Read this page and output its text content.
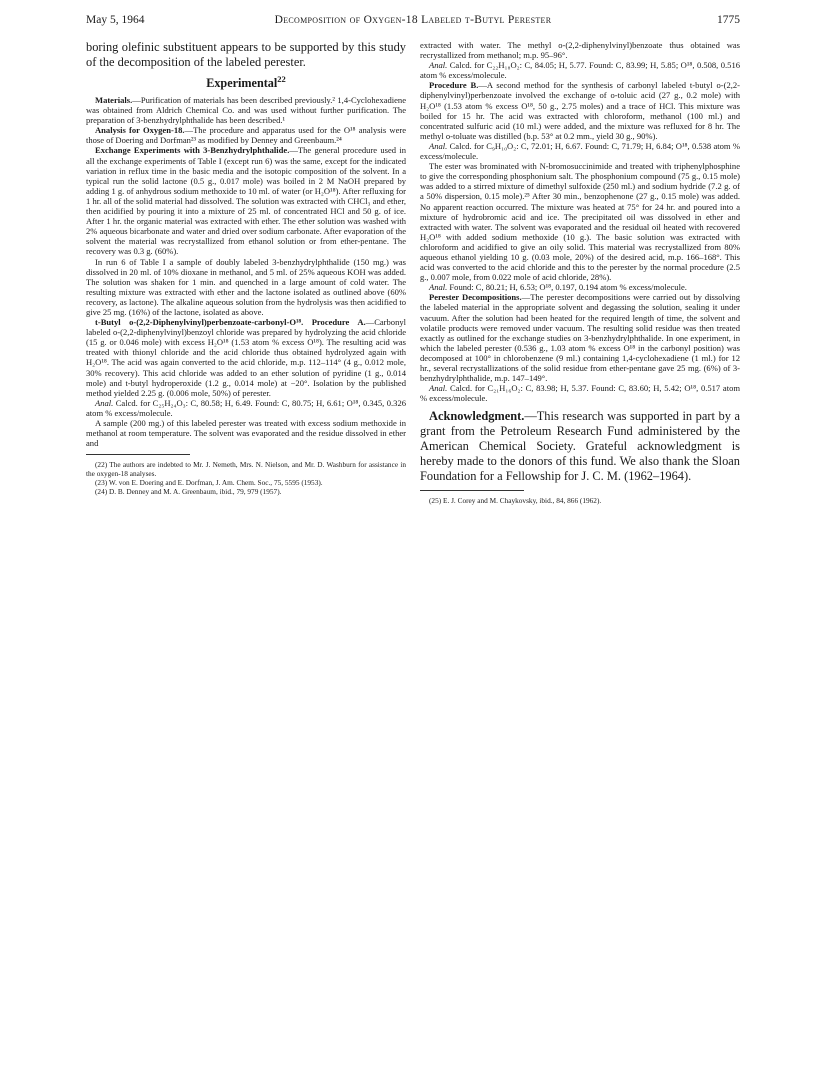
May 5, 1964	Decomposition of Oxygen-18 Labeled t-Butyl Perester	1775

boring olefinic substituent appears to be supported by this study of the decomposition of the labeled perester.

Experimental$^{22}$

Materials.—Purification of materials has been described previously.² 1,4-Cyclohexadiene was obtained from Aldrich Chemical Co. and was used without further purification. The preparation of 3-benzhydrylphthalide has been described.¹

Analysis for Oxygen-18.—The procedure and apparatus used for the O¹⁸ analysis were those of Doering and Dorfman²³ as modified by Denney and Greenbaum.²⁴

Exchange Experiments with 3-Benzhydrylphthalide.—The general procedure used in all the exchange experiments of Table I (except run 6) was the same, except for the indicated variation in reflux time in the basic media and the isotopic composition of the solvent. In a typical run the solid lactone (0.5 g., 0.017 mole) was boiled in 2 M NaOH prepared by adding 1 g. of anhydrous sodium methoxide to 10 ml. of water (or H₂O¹⁸). After refluxing for 1 hr. all of the solid material had dissolved. The solution was extracted with CHCl₃ and ether, then acidified by pouring it into a mixture of 25 ml. of concentrated HCl and 50 g. of ice. After 1 hr. the organic material was extracted with ether. The ether solution was washed with 2% aqueous bicarbonate and water and dried over sodium carbonate. After evaporation of the solvent the material was recrystallized from ethanol solution or from ether-pentane. The recovery was 0.3 g. (60%).

In run 6 of Table I a sample of doubly labeled 3-benzhydrylphthalide (150 mg.) was dissolved in 20 ml. of 10% dioxane in methanol, and 5 ml. of 25% aqueous KOH was added. The solution was shaken for 1 min. and quenched in a large amount of cold water. The resulting mixture was extracted with ether and the lactone isolated as outlined above (60% recovery, as lactone). The alkaline aqueous solution from the hydrolysis was then acidified to give 25 mg. (16%) of the lactone, isolated as above.

t-Butyl o-(2,2-Diphenylvinyl)perbenzoate-carbonyl-O¹⁸. Procedure A.—Carbonyl labeled o-(2,2-diphenylvinyl)benzoyl chloride was prepared by hydrolyzing the acid chloride (15 g. or 0.046 mole) with excess H₂O¹⁸ (1.53 atom % excess O¹⁸). The resulting acid was treated with thionyl chloride and the acid chloride thus obtained hydrolyzed again with H₂O¹⁸. The acid was again converted to the acid chloride, m.p. 112–114° (4 g., 0.012 mole, 30% recovery). This acid chloride was added to an ether solution of pyridine (1 g., 0.014 mole) and t-butyl hydroperoxide (1.2 g., 0.014 mole) at −20°. Isolation by the published method yielded 2.25 g. (0.006 mole, 50%) of perester.

Anal. Calcd. for C₂₅H₂₄O₃: C, 80.58; H, 6.49. Found: C, 80.75; H, 6.61; O¹⁸, 0.345, 0.326 atom % excess/molecule.

A sample (200 mg.) of this labeled perester was treated with excess sodium methoxide in methanol at room temperature. The solvent was evaporated and the residue dissolved in ether and

(22) The authors are indebted to Mr. J. Nemeth, Mrs. N. Nielson, and Mr. D. Washburn for assistance in the oxygen-18 analyses.

(23) W. von E. Doering and E. Dorfman, J. Am. Chem. Soc., 75, 5595 (1953).

(24) D. B. Denney and M. A. Greenbaum, ibid., 79, 979 (1957).

extracted with water. The methyl o-(2,2-diphenylvinyl)benzoate thus obtained was recrystallized from methanol; m.p. 95–96°.

Anal. Calcd. for C₂₂H₁₈O₂: C, 84.05; H, 5.77. Found: C, 83.99; H, 5.85; O¹⁸, 0.508, 0.516 atom % excess/molecule.

Procedure B.—A second method for the synthesis of carbonyl labeled t-butyl o-(2,2-diphenylvinyl)perbenzoate involved the exchange of o-toluic acid (27 g., 0.2 mole) with H₂O¹⁸ (1.53 atom % excess O¹⁸, 50 g., 2.75 moles) and a trace of HCl. This mixture was boiled for 15 hr. The acid was extracted with chloroform, methanol (100 ml.) and concentrated sulfuric acid (10 ml.) were added, and the mixture was refluxed for 8 hr. The methyl o-toluate was distilled (b.p. 53° at 0.2 mm., yield 30 g., 90%).

Anal. Calcd. for C₉H₁₀O₂: C, 72.01; H, 6.67. Found: C, 71.79; H, 6.84; O¹⁸, 0.538 atom % excess/molecule.

The ester was brominated with N-bromosuccinimide and treated with triphenylphosphine to give the corresponding phosphonium salt. The phosphonium compound (75 g., 0.15 mole) was added to a stirred mixture of dimethyl sulfoxide (250 ml.) and sodium hydride (7.2 g. of a 50% dispersion, 0.15 mole).²⁵ After 30 min., benzophenone (27 g., 0.15 mole) was added. No apparent reaction occurred. The mixture was heated at 75° for 24 hr. and poured into a mixture of hydrobromic acid and ice. The precipitated oil was dissolved in ether and extracted with water. The solvent was evaporated and the residual oil heated with recovered H₂O¹⁸ with added sodium methoxide (10 g.). The basic solution was extracted with chloroform and acidified to give an oily solid. This material was recrystallized from 80% aqueous ethanol yielding 10 g. (0.03 mole, 20%) of the desired acid, m.p. 166–168°. This acid was converted to the acid chloride and this to the perester by the normal procedure (2.5 g., 0.007 mole, from 0.022 mole of acid chloride, 28%).

Anal. Found: C, 80.21; H, 6.53; O¹⁸, 0.197, 0.194 atom % excess/molecule.

Perester Decompositions.—The perester decompositions were carried out by dissolving the labeled material in the appropriate solvent and degassing the solution, sealing it under vacuum. After the solution had been heated for the required length of time, the solvent and volatile products were removed under vacuum. The resulting solid residue was then treated exactly as outlined for the exchange studies on 3-benzhydrylphthalide. In one experiment, in which the labeled perester (0.536 g., 1.03 atom % excess O¹⁸ in the carbonyl position) was decomposed at 100° in chlorobenzene (9 ml.) containing 1,4-cyclohexadiene (1 ml.) for 12 hr., several recrystallizations of the solid residue from ether-pentane gave 25 mg. (6%) of 3-benzhydrylphthalide, m.p. 147–149°.

Anal. Calcd. for C₂₁H₁₆O₂: C, 83.98; H, 5.37. Found: C, 83.60; H, 5.42; O¹⁸, 0.517 atom % excess/molecule.

Acknowledgment.—This research was supported in part by a grant from the Petroleum Research Fund administered by the American Chemical Society. Grateful acknowledgment is hereby made to the donors of this fund. We also thank the Sloan Foundation for a Fellowship for J. C. M. (1962–1964).

(25) E. J. Corey and M. Chaykovsky, ibid., 84, 866 (1962).
